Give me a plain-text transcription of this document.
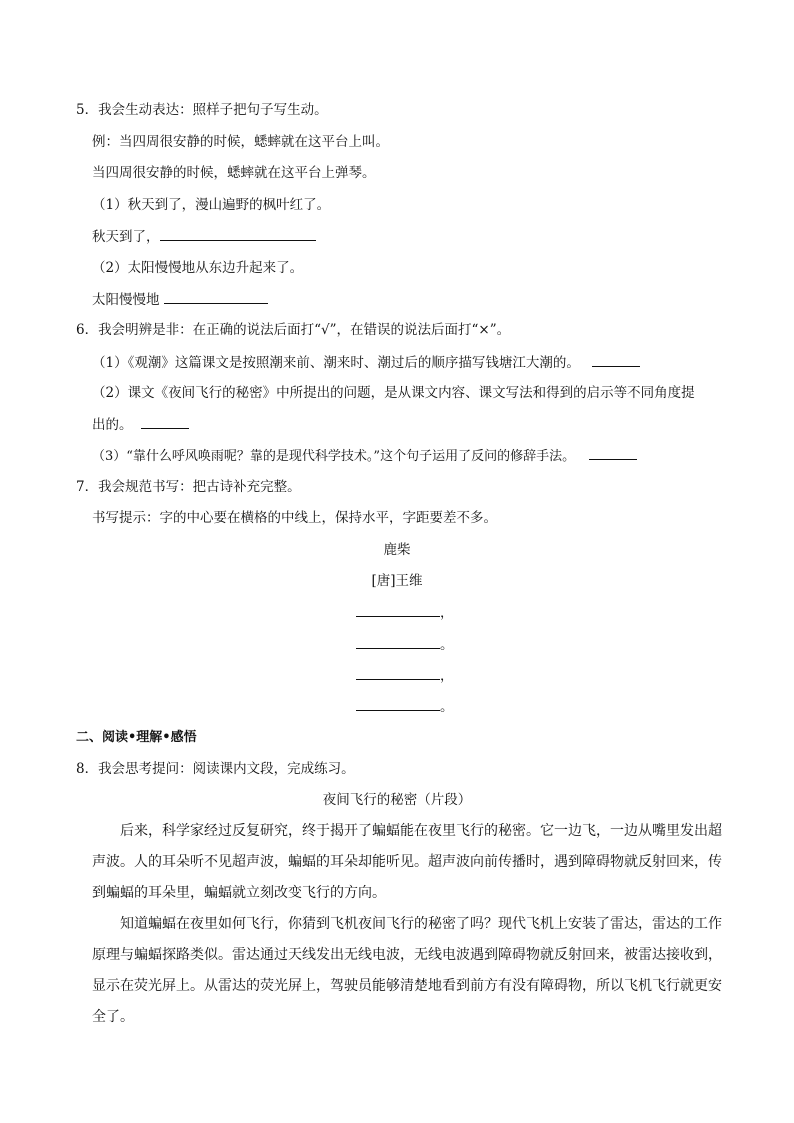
5．我会生动表达：照样子把句子写生动。
例：当四周很安静的时候，蟋蟀就在这平台上叫。
当四周很安静的时候，蟋蟀就在这平台上弹琴。
（1）秋天到了，漫山遍野的枫叶红了。
秋天到了，
（2）太阳慢慢地从东边升起来了。
太阳慢慢地
6．我会明辨是非：在正确的说法后面打“√”，在错误的说法后面打“×”。
（1）《观潮》这篇课文是按照潮来前、潮来时、潮过后的顺序描写钱塘江大潮的。
（2）课文《夜间飞行的秘密》中所提出的问题，是从课文内容、课文写法和得到的启示等不同角度提
出的。
（3）“靠什么呼风唤雨呢？靠的是现代科学技术。”这个句子运用了反问的修辞手法。
7．我会规范书写：把古诗补充完整。
书写提示：字的中心要在横格的中线上，保持水平，字距要差不多。
鹿柴
[唐]王维
，
。
，
。
二、阅读•理解•感悟
8．我会思考提问：阅读课内文段，完成练习。
夜间飞行的秘密（片段）
后来，科学家经过反复研究，终于揭开了蝙蝠能在夜里飞行的秘密。它一边飞，一边从嘴里发出超
声波。人的耳朵听不见超声波，蝙蝠的耳朵却能听见。超声波向前传播时，遇到障碍物就反射回来，传
到蝙蝠的耳朵里，蝙蝠就立刻改变飞行的方向。
知道蝙蝠在夜里如何飞行，你猜到飞机夜间飞行的秘密了吗？现代飞机上安装了雷达，雷达的工作
原理与蝙蝠探路类似。雷达通过天线发出无线电波，无线电波遇到障碍物就反射回来，被雷达接收到，
显示在荧光屏上。从雷达的荧光屏上，驾驶员能够清楚地看到前方有没有障碍物，所以飞机飞行就更安
全了。
